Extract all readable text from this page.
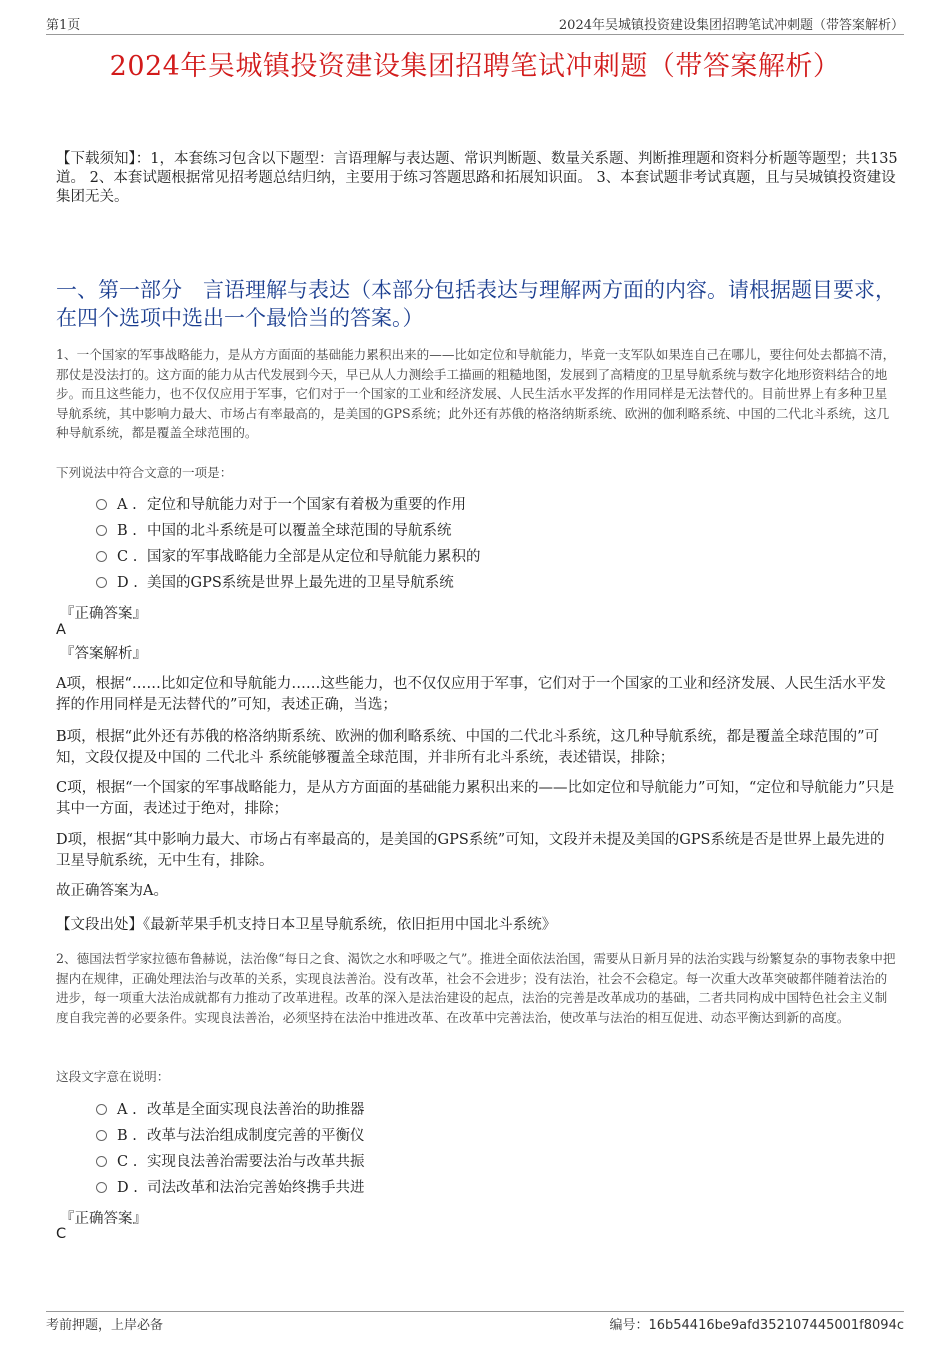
第1页	2024年吴城镇投资建设集团招聘笔试冲刺题（带答案解析）
2024年吴城镇投资建设集团招聘笔试冲刺题（带答案解析）
【下载须知】：1，本套练习包含以下题型：言语理解与表达题、常识判断题、数量关系题、判断推理题和资料分析题等题型；共135道。 2、本套试题根据常见招考题总结归纳，主要用于练习答题思路和拓展知识面。 3、本套试题非考试真题，且与吴城镇投资建设集团无关。
一、第一部分　言语理解与表达（本部分包括表达与理解两方面的内容。请根据题目要求，在四个选项中选出一个最恰当的答案。）
1、一个国家的军事战略能力，是从方方面面的基础能力累积出来的——比如定位和导航能力，毕竟一支军队如果连自己在哪儿，要往何处去都搞不清，那仗是没法打的。这方面的能力从古代发展到今天，早已从人力测绘手工描画的粗糙地图，发展到了高精度的卫星导航系统与数字化地形资料结合的地步。而且这些能力，也不仅仅应用于军事，它们对于一个国家的工业和经济发展、人民生活水平发挥的作用同样是无法替代的。目前世界上有多种卫星导航系统，其中影响力最大、市场占有率最高的，是美国的GPS系统；此外还有苏俄的格洛纳斯系统、欧洲的伽利略系统、中国的二代北斗系统，这几种导航系统，都是覆盖全球范围的。
下列说法中符合文意的一项是：
A . 定位和导航能力对于一个国家有着极为重要的作用
B . 中国的北斗系统是可以覆盖全球范围的导航系统
C . 国家的军事战略能力全部是从定位和导航能力累积的
D . 美国的GPS系统是世界上最先进的卫星导航系统
『正确答案』
A
『答案解析』
A项，根据“……比如定位和导航能力……这些能力，也不仅仅应用于军事，它们对于一个国家的工业和经济发展、人民生活水平发挥的作用同样是无法替代的”可知，表述正确，当选；
B项，根据“此外还有苏俄的格洛纳斯系统、欧洲的伽利略系统、中国的二代北斗系统，这几种导航系统，都是覆盖全球范围的”可知，文段仅提及中国的 二代北斗 系统能够覆盖全球范围，并非所有北斗系统，表述错误，排除；
C项，根据“一个国家的军事战略能力，是从方方面面的基础能力累积出来的——比如定位和导航能力”可知，“定位和导航能力”只是其中一方面，表述过于绝对，排除；
D项，根据“其中影响力最大、市场占有率最高的，是美国的GPS系统”可知，文段并未提及美国的GPS系统是否是世界上最先进的卫星导航系统，无中生有，排除。
故正确答案为A。
【文段出处】《最新苹果手机支持日本卫星导航系统，依旧拒用中国北斗系统》
2、德国法哲学家拉德布鲁赫说，法治像“每日之食、渴饮之水和呼吸之气”。推进全面依法治国，需要从日新月异的法治实践与纷繁复杂的事物表象中把握内在规律，正确处理法治与改革的关系，实现良法善治。没有改革，社会不会进步；没有法治，社会不会稳定。每一次重大改革突破都伴随着法治的进步，每一项重大法治成就都有力推动了改革进程。改革的深入是法治建设的起点，法治的完善是改革成功的基础，二者共同构成中国特色社会主义制度自我完善的必要条件。实现良法善治，必须坚持在法治中推进改革、在改革中完善法治，使改革与法治的相互促进、动态平衡达到新的高度。
这段文字意在说明：
A . 改革是全面实现良法善治的助推器
B . 改革与法治组成制度完善的平衡仪
C . 实现良法善治需要法治与改革共振
D . 司法改革和法治完善始终携手共进
『正确答案』
C
考前押题，上岸必备	编号：16b54416be9afd352107445001f8094c
